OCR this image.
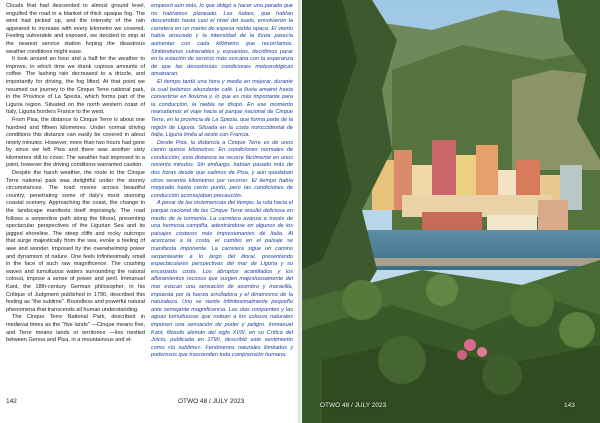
Clouds that had descended to almost ground level, engulfed the road in a blanket of thick opaque fog. The wind had picked up, and the intensity of the rain appeared to increase with every kilometre we covered. Feeling vulnerable and exposed, we decided to stop at the nearest service station hoping the disastrous weather conditions might ease.

It took around an hour and a half for the weather to improve, in which time we drank copious amounts of coffee. The lashing rain decreased to a drizzle, and importantly for driving, the fog lifted. At that point we resumed our journey to the Cinque Terre national park, in the Province of La Spezia, which forms part of the Liguria region. Situated on the north western coast of Italy, Liguria borders France to the west.

From Pisa, the distance to Cinque Terre is about one hundred and fifteen kilometres. Under normal driving conditions this distance can easily be covered in about ninety minutes. However, more than two hours had gone by since we left Pisa and there was another sixty kilometres still to cover. The weather had improved to a point, however the driving conditions warranted caution.

Despite the harsh weather, the route to the Cinque Terre national park was delightful under the stormy circumstances. The road moves across beautiful country, penetrating some of Italy's most stunning coastal scenery. Approaching the coast, the change in the landscape manifests itself imposingly. The road follows a serpentine path along the littoral, presenting spectacular perspectives of the Ligurian Sea and its jagged shoreline. The steep cliffs and rocky outcrops that surge majestically from the sea, evoke a feeling of awe and wonder. Imposed by the overwhelming power and dynamism of nature. One feels infinitesimally small in the face of such raw magnificence. The crashing waves and tumultuous waters surrounding the natural colossi, impose a sense of power and peril. Immanuel Kant, the 18th-century German philosopher, in his Critique of Judgment published in 1790, described this feeling as "the sublime". Boundless and powerful natural phenomena that transcends all human understanding.

The Cinque Terre National Park, described in medieval times as the "five lands" —Cinque means five, and Terre means lands or territories —lies nestled between Genoa and Pisa, in a mountainous and el-

empeoró aún más, lo que obligó a hacer una parada que no habíamos planeado. Las nubes, que habían descendido hasta casi el nivel del suelo, envolvieron la carretera en un manto de espesa niebla opaca. El viento había arreciado y la intensidad de la lluvia parecía aumentar con cada kilómetro que recorríamos. Sintiéndonos vulnerables y expuestos, decidimos parar en la estación de servicio más cercana con la esperanza de que las desastrosas condiciones meteorológicas amainaran.

El tiempo tardó una hora y media en mejorar, durante la cual bebimos abundante café. La lluvia amainó hasta convertirse en llovizna y, lo que es más importante para la conducción, la niebla se disipó. En ese momento reanudamos el viaje hacia el parque nacional de Cinque Terre, en la provincia de La Spezia, que forma parte de la región de Liguria. Situada en la costa noroccidental de Italia, Liguria limita al oeste con Francia.

Desde Pisa, la distancia a Cinque Terre es de unos ciento quince kilómetros. En condiciones normales de conducción, esta distancia se recorre fácilmente en unos noventa minutos. Sin embargo, habían pasado más de dos horas desde que salimos de Pisa, y aún quedaban otros sesenta kilómetros por recorrer. El tiempo había mejorado hasta cierto punto, pero las condiciones de conducción aconsejaban precaución.

A pesar de las inclemencias del tiempo, la ruta hacia el parque nacional de las Cinque Terre resultó deliciosa en medio de la tormenta. La carretera avanza a través de una hermosa campiña, adentrándose en algunos de los paisajes costeros más impresionantes de Italia. Al acercarse a la costa, el cambio en el paisaje se manifiesta imponente. La carretera sigue un camino serpenteante a lo largo del litoral, presentando espectaculares perspectivas del mar de Liguria y su escarpada costa. Los abruptos acantilados y los afloramientos rocosos que surgen majestuosamente del mar evocan una sensación de asombro y maravilla, impuesta por la fuerza arrolladora y el dinamismo de la naturaleza. Uno se siente infinitesimalmente pequeño ante semejante magnificencia. Las olas rompientes y las aguas tumultuosas que rodean a los colosos naturales imponen una sensación de poder y peligro. Immanuel Kant, filósofo alemán del siglo XVIII, en su Crítica del Juicio, publicada en 1790, describió este sentimiento como «lo sublime». Fenómenos naturales ilimitados y poderosos que trascienden toda comprensión humana.

142	OTWO 48 / JULY 2023
OTWO 48 / JULY 2023	143
